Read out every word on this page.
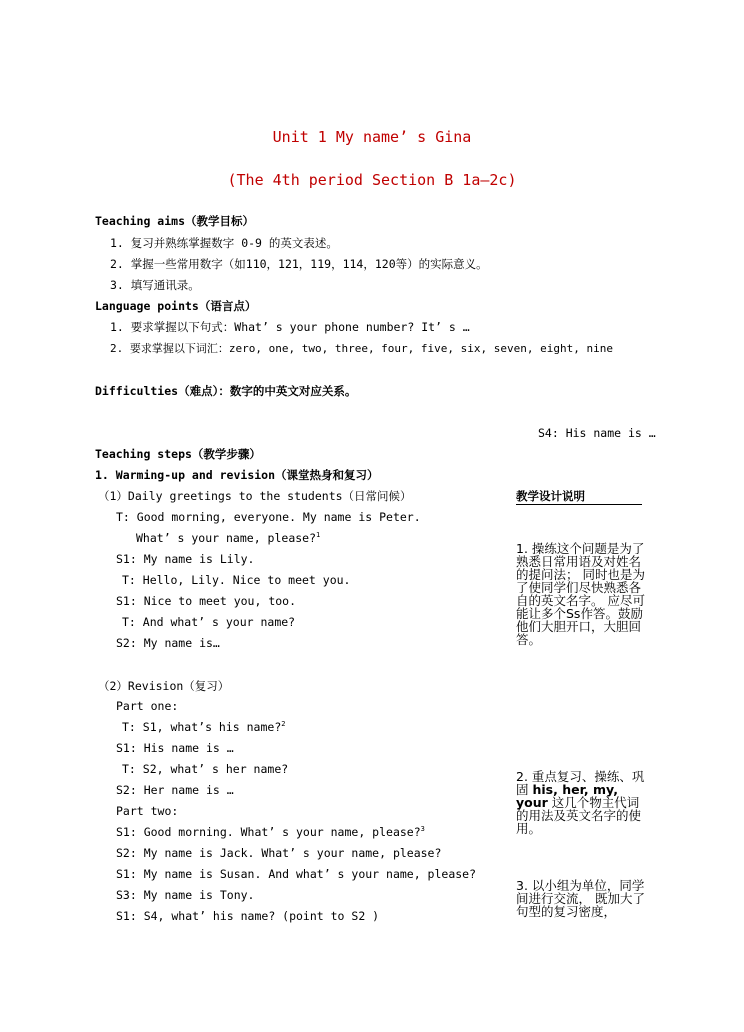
Unit 1 My name’ s Gina
(The 4th period Section B 1a—2c)
Teaching aims（教学目标）
1. 复习并熟练掌握数字 0-9 的英文表述。
2. 掌握一些常用数字（如110，121，119，114，120等）的实际意义。
3. 填写通讯录。
Language points（语言点）
1. 要求掌握以下句式：What’ s your phone number? It’ s …
2. 要求掌握以下词汇：zero, one, two, three, four, five, six, seven, eight, nine
Difficulties（难点）：数字的中英文对应关系。
S4: His name is …
Teaching steps（教学步骤）
1. Warming-up and revision（课堂热身和复习）
（1）Daily greetings to the students（日常问候）
T: Good morning, everyone. My name is Peter.
What’ s your name, please?$^1$
S1: My name is Lily.
T: Hello, Lily. Nice to meet you.
S1: Nice to meet you, too.
T: And what’ s your name?
S2: My name is…
（2）Revision（复习）
Part one:
T: S1, what’s his name?$^2$
S1: His name is …
T: S2, what’ s her name?
S2: Her name is …
Part two:
S1: Good morning. What’ s your name, please?$^3$
S2: My name is Jack. What’ s your name, please?
S1: My name is Susan. And what’ s your name, please?
S3: My name is Tony.
S1: S4, what’ his name? (point to S2 )
教学设计说明
1. 操练这个问题是为了熟悉日常用语及对姓名的提问法； 同时也是为了使同学们尽快熟悉各自的英文名字。 应尽可能让多个Ss作答。鼓励他们大胆开口，大胆回答。
2. 重点复习、操练、巩固 his, her, my, your 这几个物主代词的用法及英文名字的使用。
3. 以小组为单位，同学间进行交流， 既加大了句型的复习密度，
